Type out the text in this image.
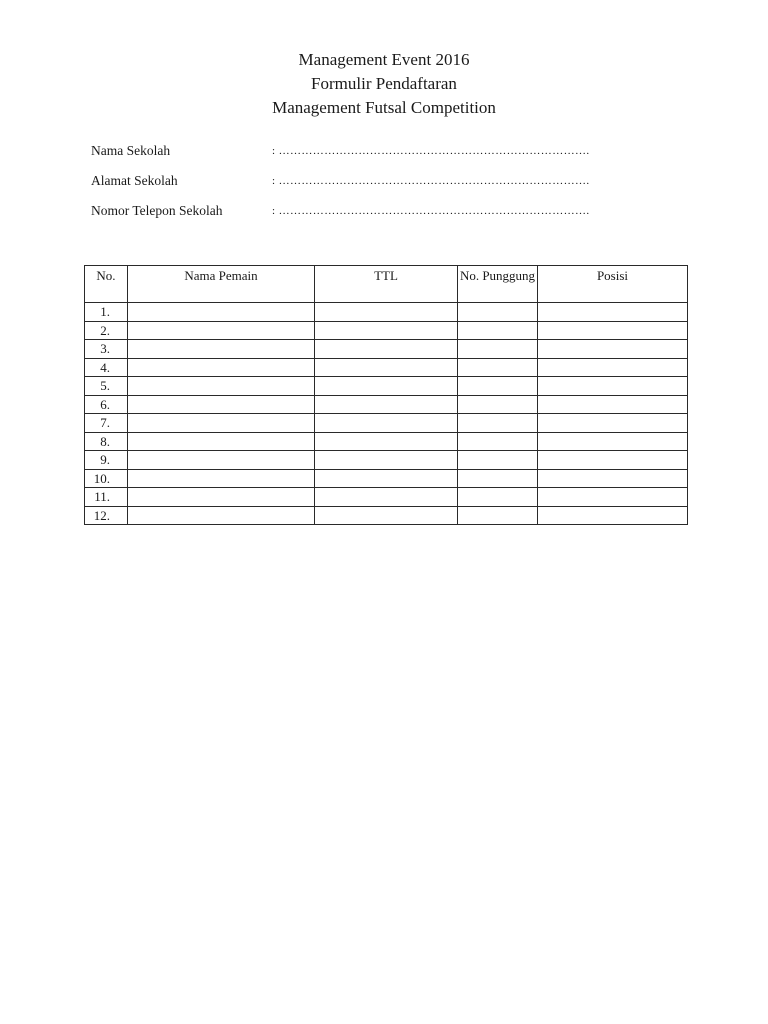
Management Event 2016
Formulir Pendaftaran
Management Futsal Competition
Nama Sekolah	: ……………………………………………………………………….
Alamat Sekolah	: ……………………………………………………………………….
Nomor Telepon Sekolah	: ……………………………………………………………………….
No.	Nama Pemain	TTL	No. Punggung	Posisi
1.				
2.				
3.				
4.				
5.				
6.				
7.				
8.				
9.				
10.				
11.				
12.				
